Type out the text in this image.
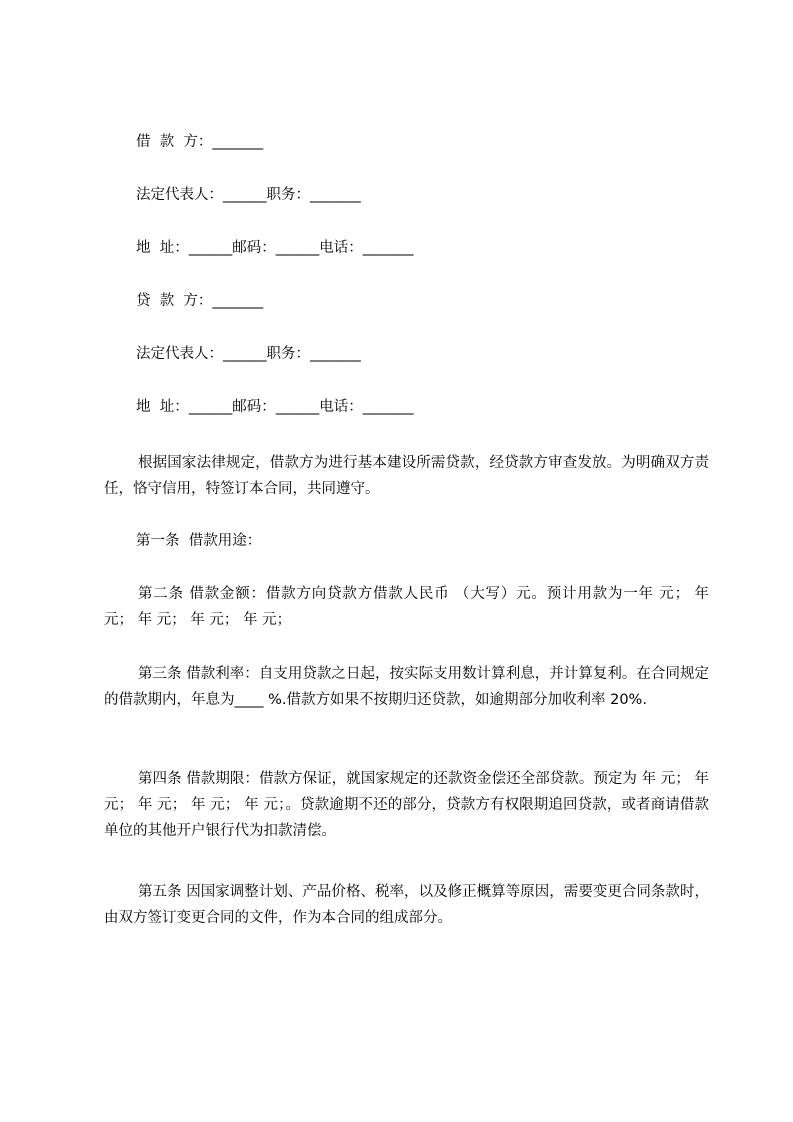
借  款  方：_______
法定代表人：______职务：_______
地  址：______邮码：______电话：_______
贷  款  方：_______
法定代表人：______职务：_______
地  址：______邮码：______电话：_______
根据国家法律规定，借款方为进行基本建设所需贷款，经贷款方审查发放。为明确双方责任，恪守信用，特签订本合同，共同遵守。
第一条  借款用途：
第二条 借款金额：借款方向贷款方借款人民币 （大写）元。预计用款为一年 元； 年 元； 年 元； 年 元； 年 元；
第三条 借款利率：自支用贷款之日起，按实际支用数计算利息，并计算复利。在合同规定的借款期内，年息为____ %.借款方如果不按期归还贷款，如逾期部分加收利率 20%.
第四条 借款期限：借款方保证，就国家规定的还款资金偿还全部贷款。预定为 年 元； 年 元； 年 元； 年 元； 年 元；。贷款逾期不还的部分，贷款方有权限期追回贷款，或者商请借款单位的其他开户银行代为扣款清偿。
第五条 因国家调整计划、产品价格、税率，以及修正概算等原因，需要变更合同条款时，由双方签订变更合同的文件，作为本合同的组成部分。
